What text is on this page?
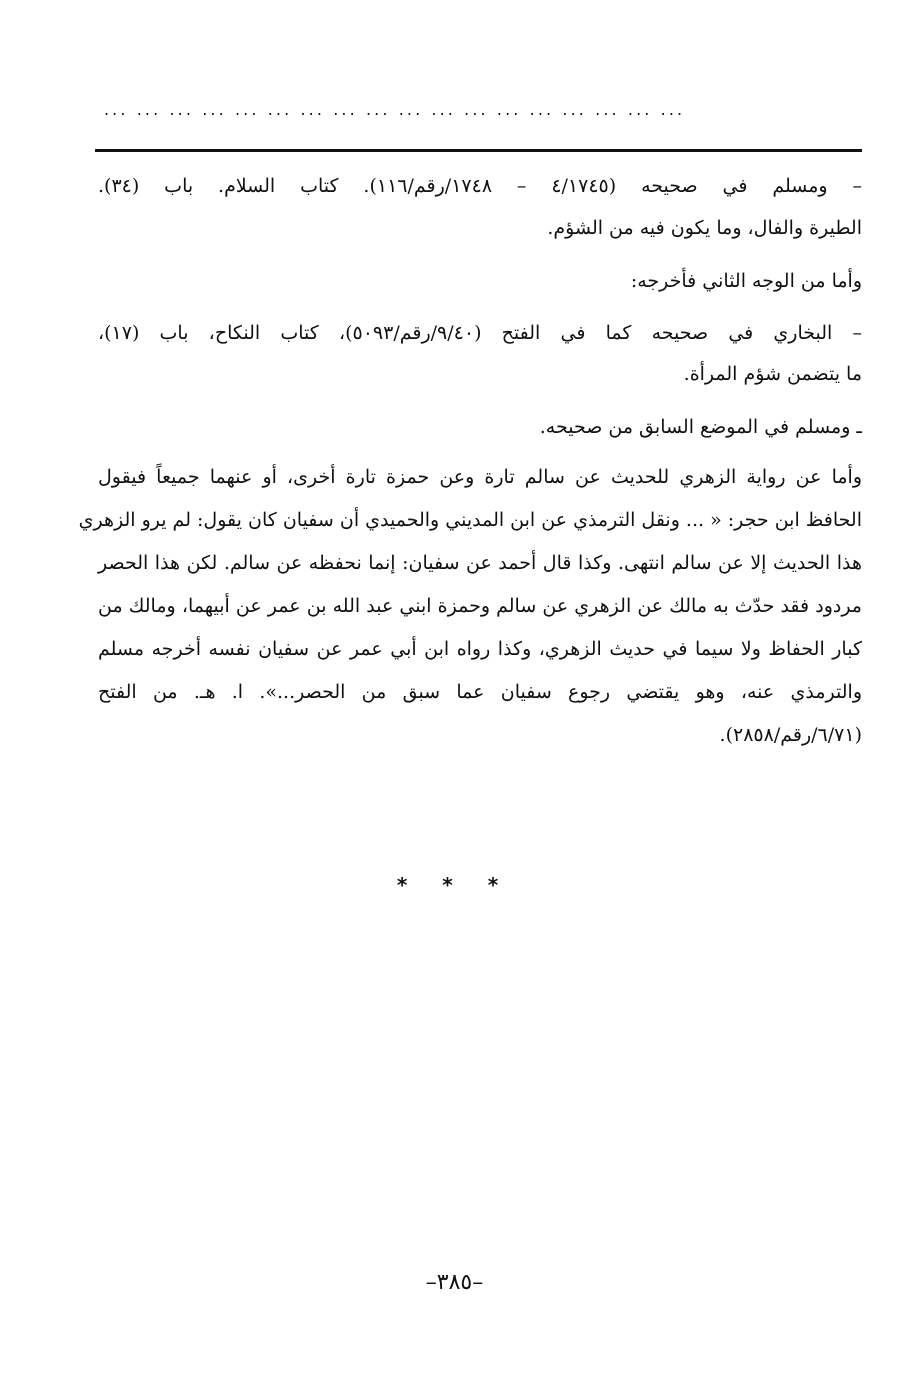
... ... ... ... ... ... ... ... ... ... ... ... ... ... ... ... ... ...
– ومسلم في صحيحه (٤/١٧٤٥ – ١٧٤٨/رقم/١١٦). كتاب السلام. باب (٣٤).
الطيرة والفال، وما يكون فيه من الشؤم.
وأما من الوجه الثاني فأخرجه:
– البخاري في صحيحه كما في الفتح (٩/٤٠/رقم/٥٠٩٣)، كتاب النكاح، باب (١٧)،
ما يتضمن شؤم المرأة.
ـ ومسلم في الموضع السابق من صحيحه.
وأما عن رواية الزهري للحديث عن سالم تارة وعن حمزة تارة أخرى، أو عنهما جميعاً فيقول
الحافظ ابن حجر: « ... ونقل الترمذي عن ابن المديني والحميدي أن سفيان كان يقول: لم يرو الزهري
هذا الحديث إلا عن سالم انتهى. وكذا قال أحمد عن سفيان: إنما نحفظه عن سالم. لكن هذا الحصر
مردود فقد حدّث به مالك عن الزهري عن سالم وحمزة ابني عبد الله بن عمر عن أبيهما، ومالك من
كبار الحفاظ ولا سيما في حديث الزهري، وكذا رواه ابن أبي عمر عن سفيان نفسه أخرجه مسلم
والترمذي عنه، وهو يقتضي رجوع سفيان عما سبق من الحصر...». ا. هـ. من الفتح
(٦/٧١/رقم/٢٨٥٨).
* * *
–٣٨٥–
